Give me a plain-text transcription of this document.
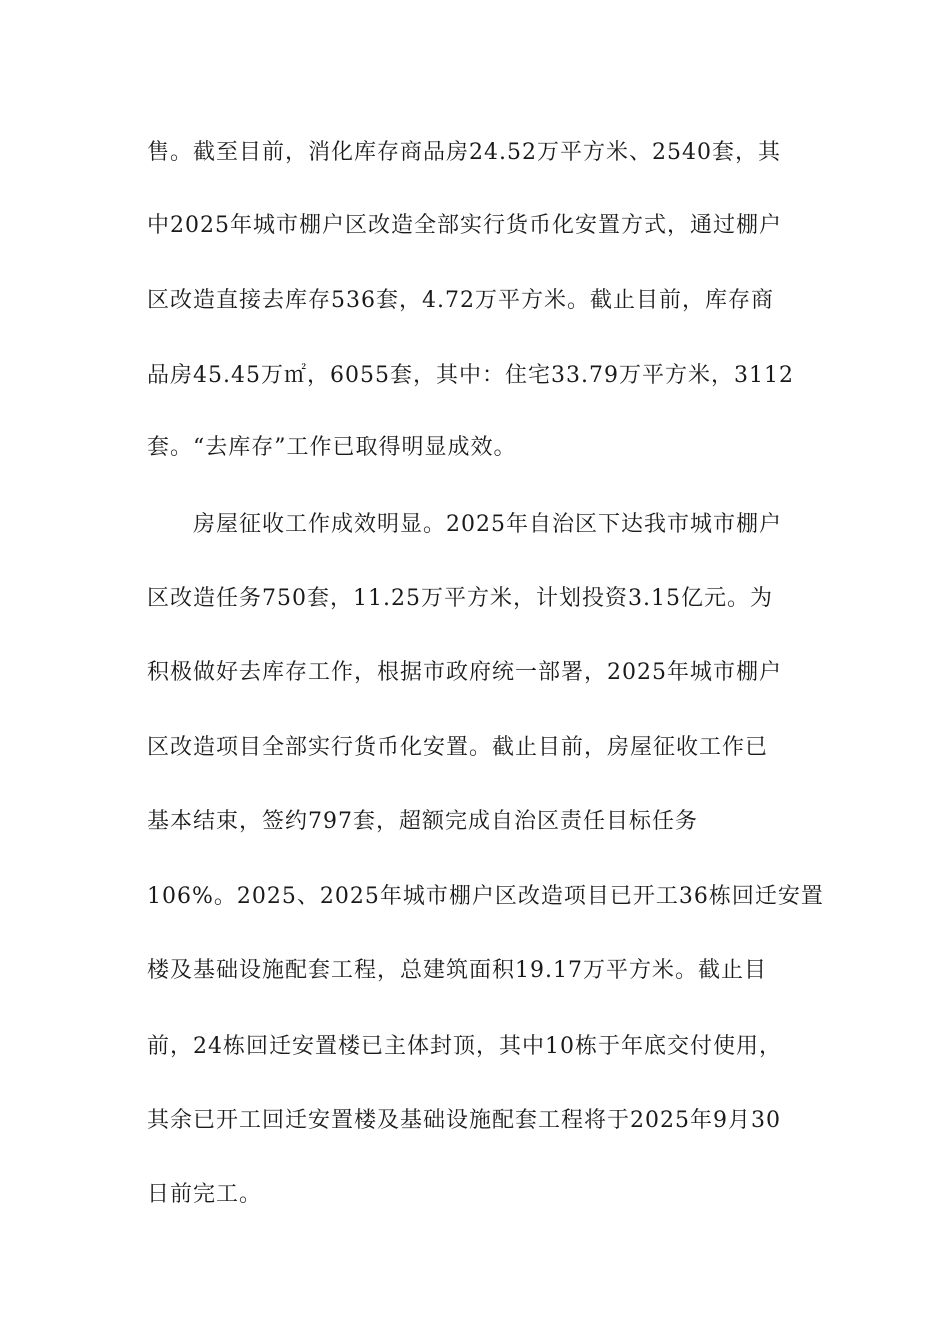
售。截至目前，消化库存商品房24.52万平方米、2540套，其
中2025年城市棚户区改造全部实行货币化安置方式，通过棚户
区改造直接去库存536套，4.72万平方米。截止目前，库存商
品房45.45万㎡，6055套，其中：住宅33.79万平方米，3112
套。“去库存”工作已取得明显成效。
房屋征收工作成效明显。2025年自治区下达我市城市棚户
区改造任务750套，11.25万平方米，计划投资3.15亿元。为
积极做好去库存工作，根据市政府统一部署，2025年城市棚户
区改造项目全部实行货币化安置。截止目前，房屋征收工作已
基本结束，签约797套，超额完成自治区责任目标任务
106%。2025、2025年城市棚户区改造项目已开工36栋回迁安置
楼及基础设施配套工程，总建筑面积19.17万平方米。截止目
前，24栋回迁安置楼已主体封顶，其中10栋于年底交付使用，
其余已开工回迁安置楼及基础设施配套工程将于2025年9月30
日前完工。
